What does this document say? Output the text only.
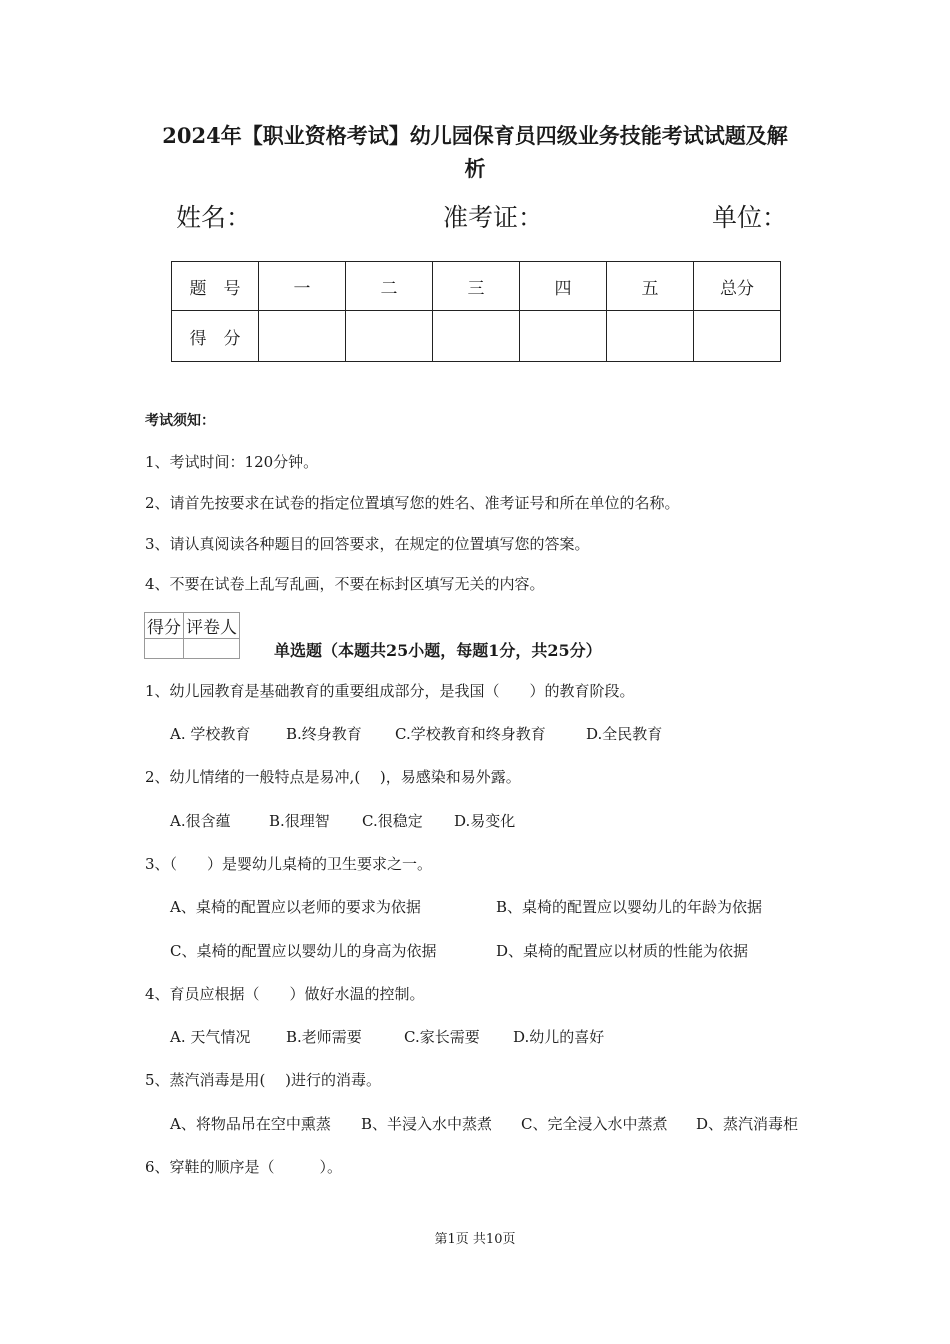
2024年【职业资格考试】幼儿园保育员四级业务技能考试试题及解
析
姓名：	准考证：	单位：
题　号	一	二	三	四	五	总分
得　分						
考试须知：
1、考试时间：120分钟。
2、请首先按要求在试卷的指定位置填写您的姓名、准考证号和所在单位的名称。
3、请认真阅读各种题目的回答要求，在规定的位置填写您的答案。
4、不要在试卷上乱写乱画，不要在标封区填写无关的内容。
得分	评卷人

单选题（本题共25小题，每题1分，共25分）
1、幼儿园教育是基础教育的重要组成部分，是我国（　　）的教育阶段。
A. 学校教育 B.终身教育 C.学校教育和终身教育	D.全民教育
2、幼儿情绪的一般特点是易冲,(　 )，易感染和易外露。
A.很含蕴	B.很理智 C.很稳定 D.易变化
3、（　　）是婴幼儿桌椅的卫生要求之一。
A、桌椅的配置应以老师的要求为依据	B、桌椅的配置应以婴幼儿的年龄为依据
C、桌椅的配置应以婴幼儿的身高为依据	D、桌椅的配置应以材质的性能为依据
4、育员应根据（　　）做好水温的控制。
A. 天气情况 B.老师需要	C.家长需要 D.幼儿的喜好
5、蒸汽消毒是用(　 )进行的消毒。
A、将物品吊在空中熏蒸 B、半浸入水中蒸煮 C、完全浸入水中蒸煮 D、蒸汽消毒柜
6、穿鞋的顺序是（　　　）。
第1页 共10页
